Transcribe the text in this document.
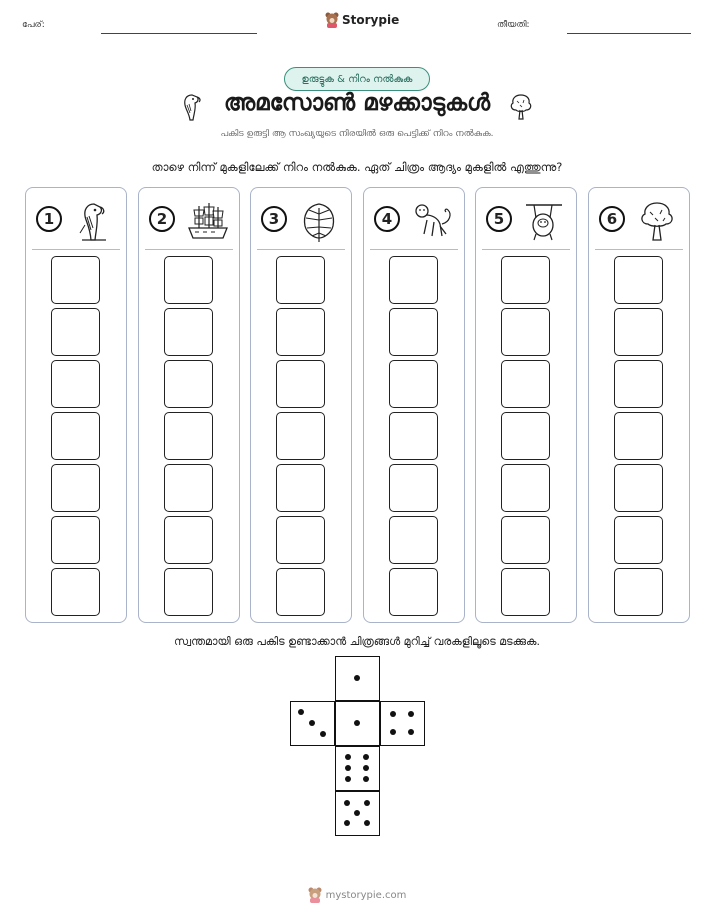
പേര്:	Storypie	തീയതി:
ഉരുട്ടുക & നിറം നൽകുക
അമസോൺ മഴക്കാടുകൾ
പകിട ഉരുട്ടി ആ സംഖ്യയുടെ നിരയിൽ ഒരു പെട്ടിക്ക് നിറം നൽകുക.
താഴെ നിന്ന് മുകളിലേക്ക് നിറം നൽകുക. ഏത് ചിത്രം ആദ്യം മുകളിൽ എത്തുന്നു?
1	2	3	4	5	6
സ്വന്തമായി ഒരു പകിട ഉണ്ടാക്കാൻ ചിത്രങ്ങൾ മുറിച്ച് വരകളിലൂടെ മടക്കുക.
mystorypie.com
